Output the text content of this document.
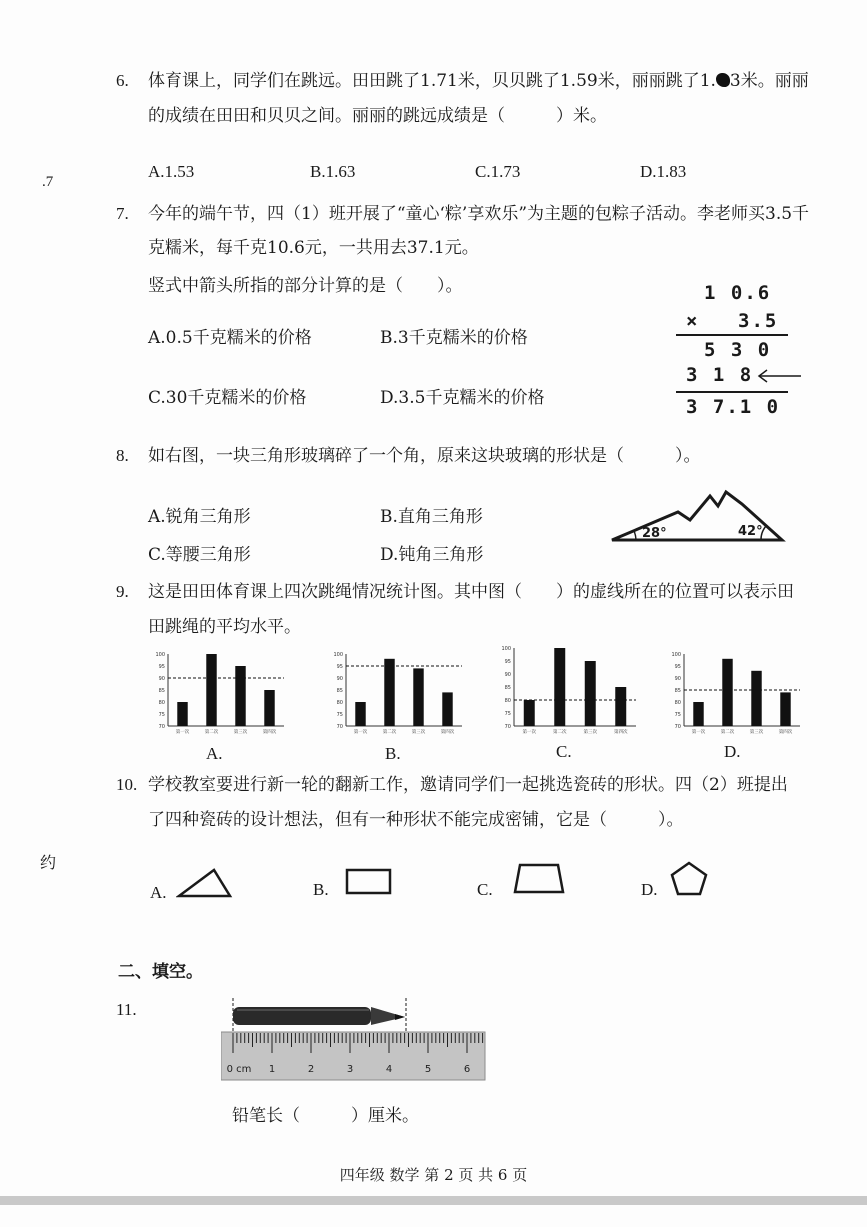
6. 体育课上，同学们在跳远。田田跳了1.71米，贝贝跳了1.59米，丽丽跳了1. 3米。丽丽
的成绩在田田和贝贝之间。丽丽的跳远成绩是（　　　）米。
A.1.53	B.1.63	C.1.73	D.1.83
.7
7. 今年的端午节，四（1）班开展了“童心‘粽’享欢乐”为主题的包粽子活动。李老师买3.5千
克糯米，每千克10.6元，一共用去37.1元。
竖式中箭头所指的部分计算的是（　　）。
A.0.5千克糯米的价格	B.3千克糯米的价格
C.30千克糯米的价格	D.3.5千克糯米的价格
1 0.6
× 3.5
5 3 0
3 1 8
3 7.1 0
8. 如右图，一块三角形玻璃碎了一个角，原来这块玻璃的形状是（　　　）。
A.锐角三角形	B.直角三角形
C.等腰三角形	D.钝角三角形
28°	42°
9. 这是田田体育课上四次跳绳情况统计图。其中图（　　）的虚线所在的位置可以表示田
田跳绳的平均水平。
100
95
90
85
80
75
70
第一次	第二次	第三次	第四次
100
95
90
85
80
75
70
第一次	第二次	第三次	第四次
100
95
90
85
80
75
70
第一次	第二次	第三次	第四次
100
95
90
85
80
75
70
第一次	第二次	第三次	第四次
A.	B.	C.	D.
10. 学校教室要进行新一轮的翻新工作，邀请同学们一起挑选瓷砖的形状。四（2）班提出
了四种瓷砖的设计想法，但有一种形状不能完成密铺，它是（　　　）。
约
A.	B.	C.	D.
二、填空。
11.
0 cm 1	2	3	4	5	6
铅笔长（　　　）厘米。
四年级 数学 第 2 页 共 6 页
